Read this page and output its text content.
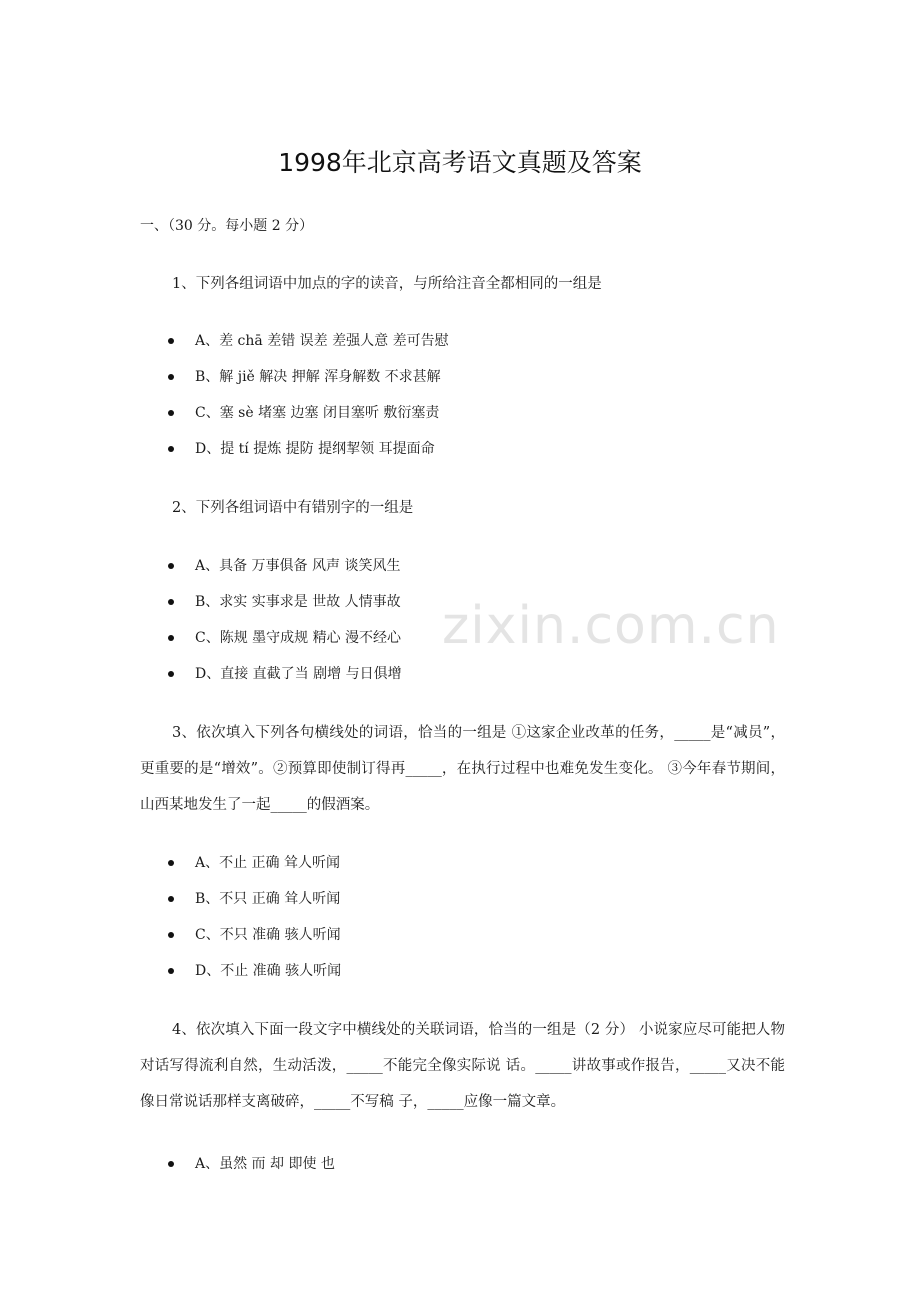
zixin.com.cn
1998年北京高考语文真题及答案
一、（30 分。每小题 2 分）
1、下列各组词语中加点的字的读音，与所给注音全都相同的一组是
A、差 chā 差错 误差 差强人意 差可告慰
B、解 jiě 解决 押解 浑身解数 不求甚解
C、塞 sè 堵塞 边塞 闭目塞听 敷衍塞责
D、提 tí 提炼 提防 提纲挈领 耳提面命
2、下列各组词语中有错别字的一组是
A、具备 万事俱备 风声 谈笑风生
B、求实 实事求是 世故 人情事故
C、陈规 墨守成规 精心 漫不经心
D、直接 直截了当 剧增 与日俱增
3、依次填入下列各句横线处的词语，恰当的一组是 ①这家企业改革的任务，_____是“减员”，更重要的是“增效”。②预算即使制订得再_____，在执行过程中也难免发生变化。 ③今年春节期间，山西某地发生了一起_____的假酒案。
A、不止 正确 耸人听闻
B、不只 正确 耸人听闻
C、不只 准确 骇人听闻
D、不止 准确 骇人听闻
4、依次填入下面一段文字中横线处的关联词语，恰当的一组是（2 分） 小说家应尽可能把人物对话写得流利自然，生动活泼，_____不能完全像实际说 话。_____讲故事或作报告，_____又决不能像日常说话那样支离破碎，_____不写稿 子，_____应像一篇文章。
A、虽然 而 却 即使 也
